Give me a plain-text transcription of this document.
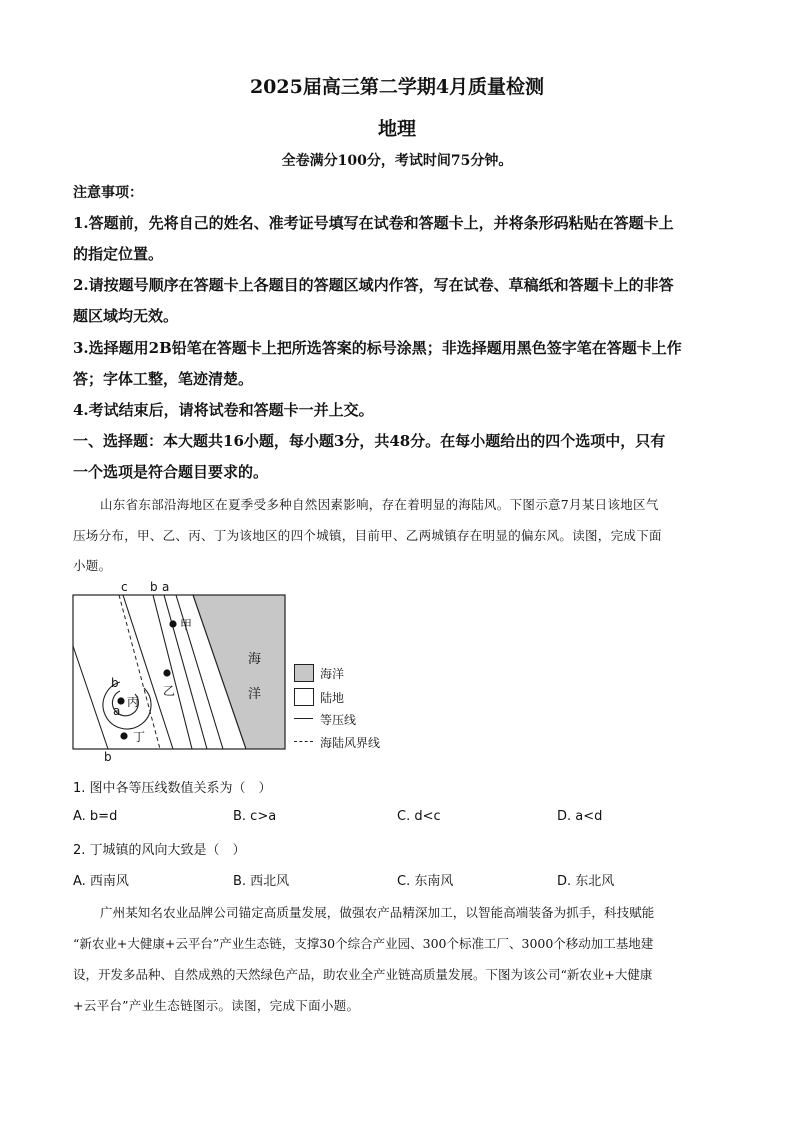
2025届高三第二学期4月质量检测
地理
全卷满分100分，考试时间75分钟。
注意事项：
1.答题前，先将自己的姓名、准考证号填写在试卷和答题卡上，并将条形码粘贴在答题卡上
的指定位置。
2.请按题号顺序在答题卡上各题目的答题区域内作答，写在试卷、草稿纸和答题卡上的非答
题区域均无效。
3.选择题用2B铅笔在答题卡上把所选答案的标号涂黑；非选择题用黑色签字笔在答题卡上作
答；字体工整，笔迹清楚。
4.考试结束后，请将试卷和答题卡一并上交。
一、选择题：本大题共16小题，每小题3分，共48分。在每小题给出的四个选项中，只有
一个选项是符合题目要求的。
山东省东部沿海地区在夏季受多种自然因素影响，存在着明显的海陆风。下图示意7月某日该地区气
压场分布，甲、乙、丙、丁为该地区的四个城镇，目前甲、乙两城镇存在明显的偏东风。读图，完成下面
小题。
c b a
b
b
a
甲
乙
丙
丁
海
洋
海洋
陆地
等压线
海陆风界线
1. 图中各等压线数值关系为（　）
A. b=d	B. c>a	C. d<c	D. a<d
2. 丁城镇的风向大致是（　）
A. 西南风	B. 西北风	C. 东南风	D. 东北风
广州某知名农业品牌公司锚定高质量发展，做强农产品精深加工，以智能高端装备为抓手，科技赋能
“新农业+大健康+云平台”产业生态链，支撑30个综合产业园、300个标准工厂、3000个移动加工基地建
设，开发多品种、自然成熟的天然绿色产品，助农业全产业链高质量发展。下图为该公司“新农业+大健康
+云平台”产业生态链图示。读图，完成下面小题。
